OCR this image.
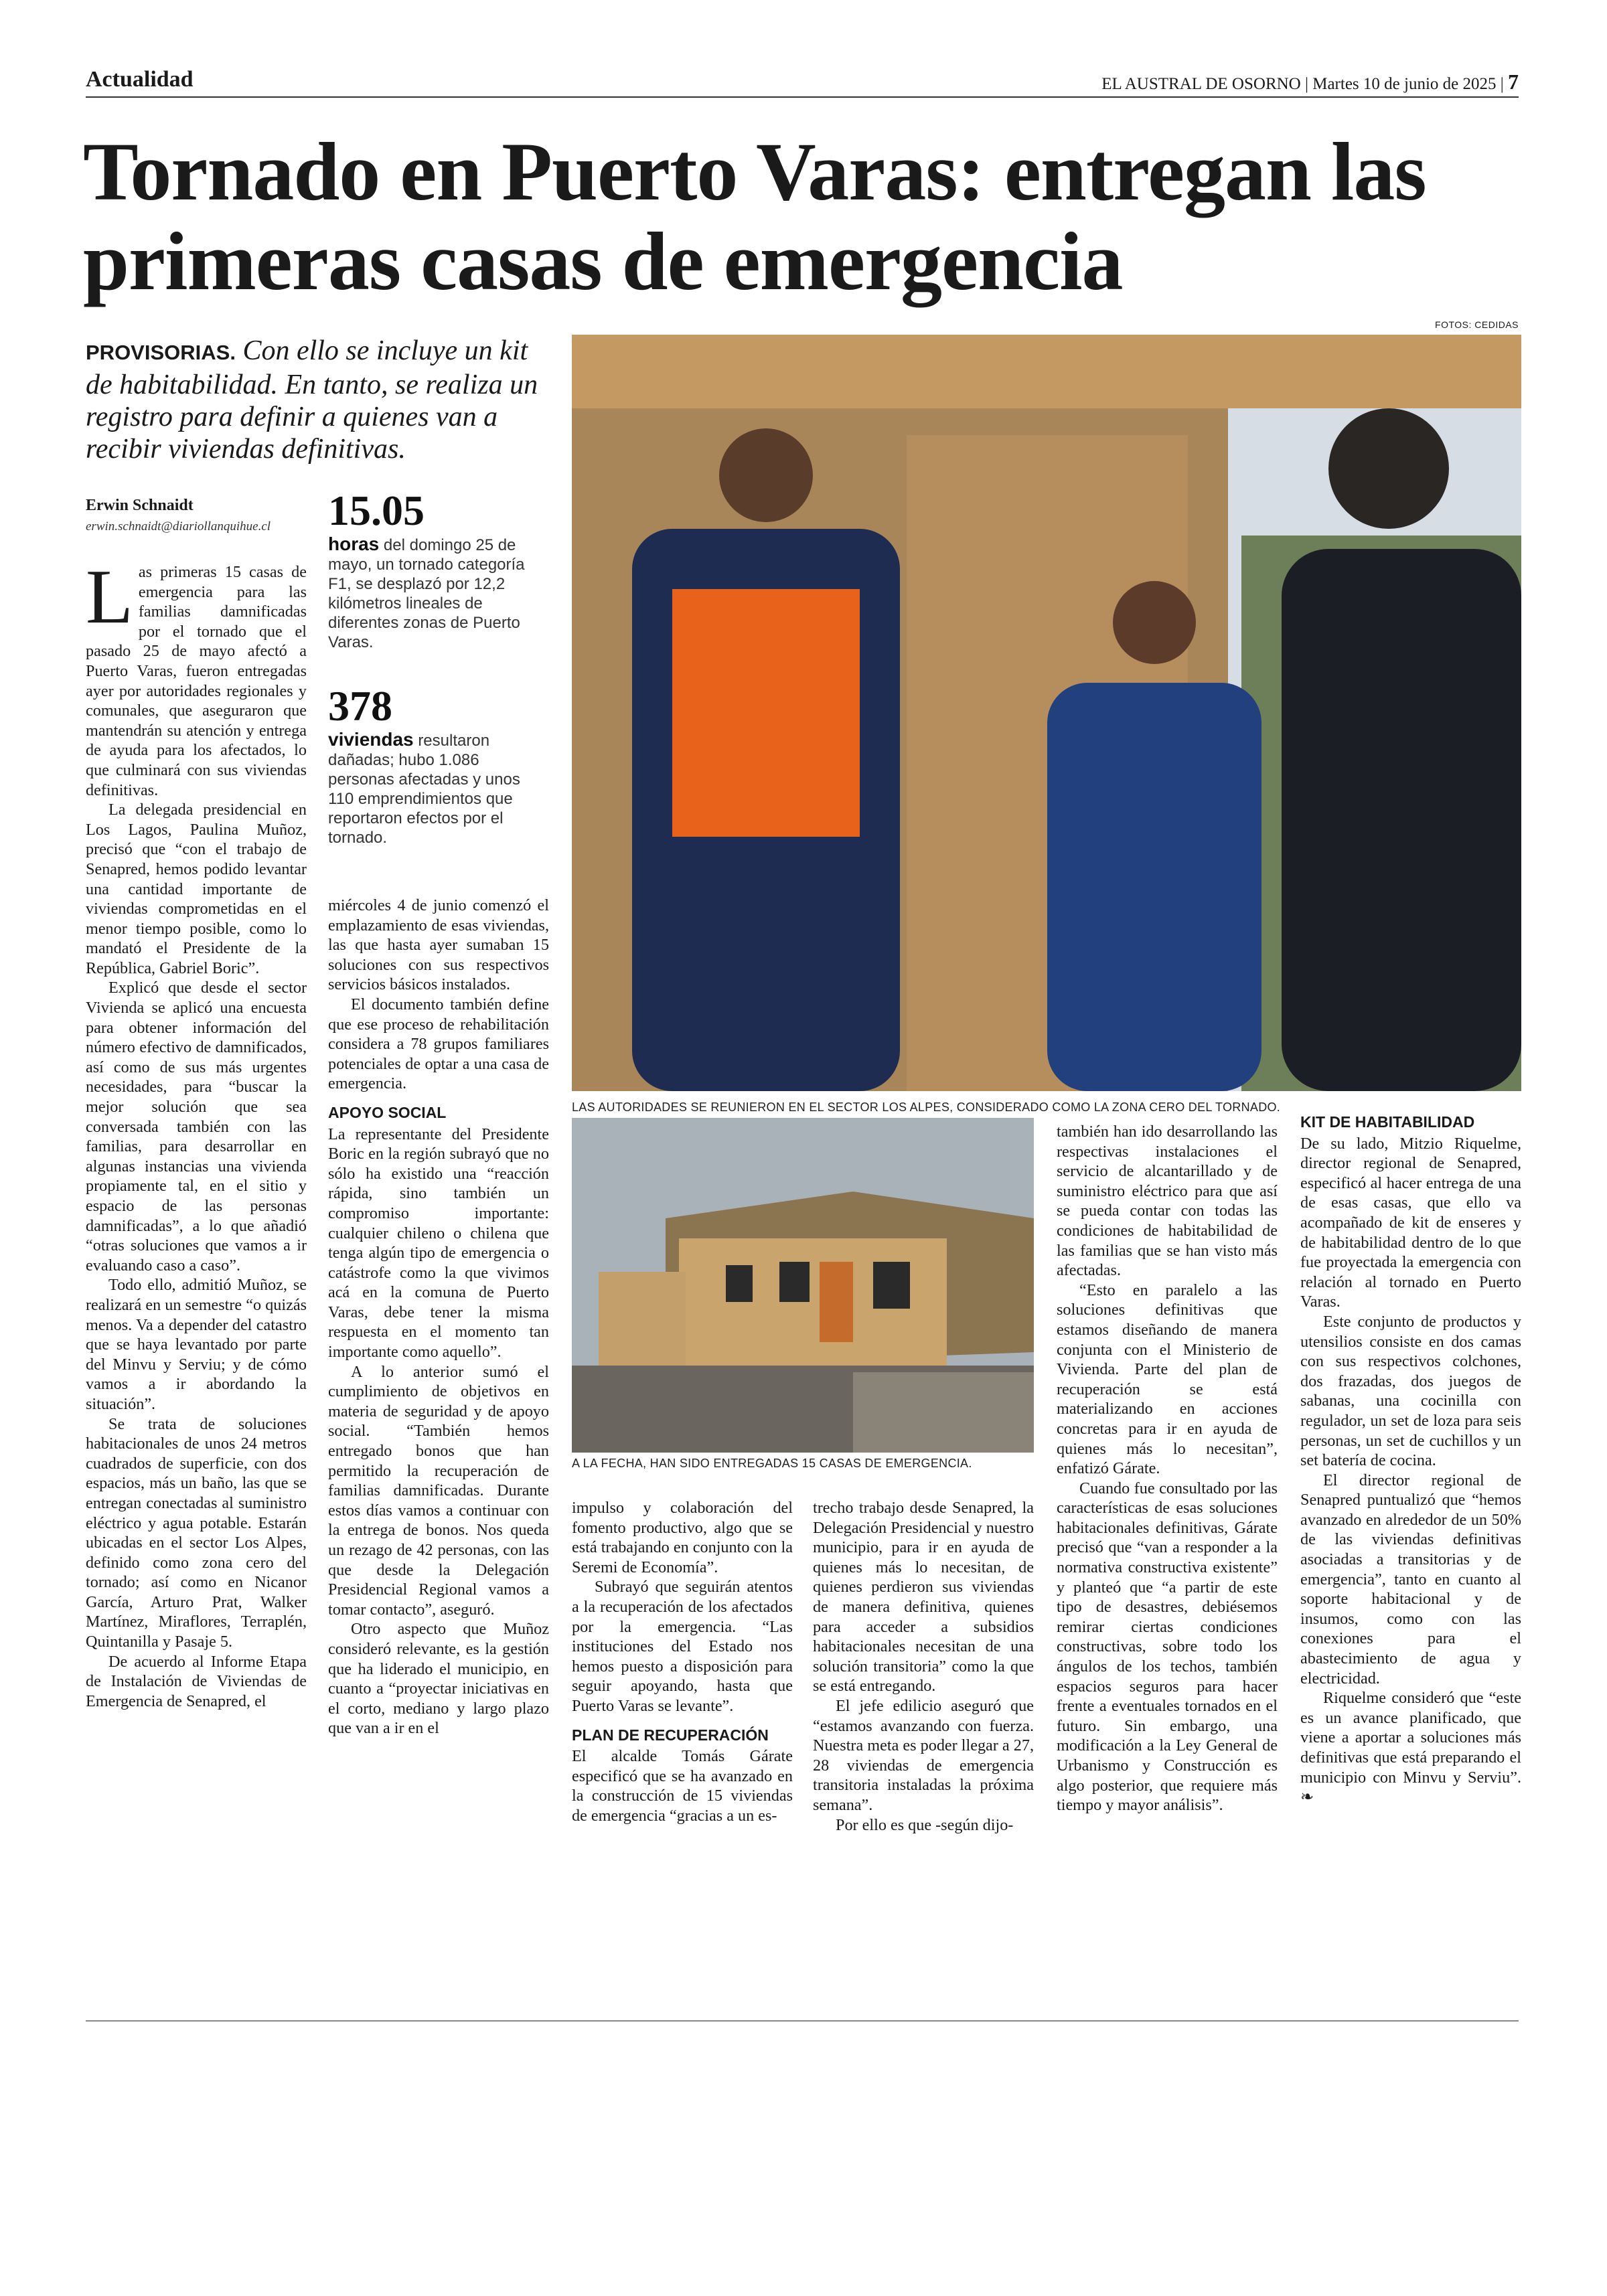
Actualidad	EL AUSTRAL DE OSORNO | Martes 10 de junio de 2025 | 7
Tornado en Puerto Varas: entregan las primeras casas de emergencia
FOTOS: CEDIDAS
PROVISORIAS. Con ello se incluye un kit de habitabilidad. En tanto, se realiza un registro para definir a quienes van a recibir viviendas definitivas.
Erwin Schnaidt
erwin.schnaidt@diariollanquihue.cl 15.05
horas del domingo 25 de mayo, un tornado categoría F1, se desplazó por 12,2 kilómetros lineales de diferentes zonas de Puerto Varas.
378
viviendas resultaron dañadas; hubo 1.086 personas afectadas y unos 110 emprendimientos que reportaron efectos por el tornado.
LAS AUTORIDADES SE REUNIERON EN EL SECTOR LOS ALPES, CONSIDERADO COMO LA ZONA CERO DEL TORNADO.
A LA FECHA, HAN SIDO ENTREGADAS 15 CASAS DE EMERGENCIA.

Las primeras 15 casas de emergencia para las familias damnificadas por el tornado que el pasado 25 de mayo afectó a Puerto Varas, fueron entregadas ayer por autoridades regionales y comunales, que aseguraron que mantendrán su atención y entrega de ayuda para los afectados, lo que culminará con sus viviendas definitivas.

La delegada presidencial en Los Lagos, Paulina Muñoz, precisó que “con el trabajo de Senapred, hemos podido levantar una cantidad importante de viviendas comprometidas en el menor tiempo posible, como lo mandató el Presidente de la República, Gabriel Boric”.

Explicó que desde el sector Vivienda se aplicó una encuesta para obtener información del número efectivo de damnificados, así como de sus más urgentes necesidades, para “buscar la mejor solución que sea conversada también con las familias, para desarrollar en algunas instancias una vivienda propiamente tal, en el sitio y espacio de las personas damnificadas”, a lo que añadió “otras soluciones que vamos a ir evaluando caso a caso”.

Todo ello, admitió Muñoz, se realizará en un semestre “o quizás menos. Va a depender del catastro que se haya levantado por parte del Minvu y Serviu; y de cómo vamos a ir abordando la situación”.

Se trata de soluciones habitacionales de unos 24 metros cuadrados de superficie, con dos espacios, más un baño, las que se entregan conectadas al suministro eléctrico y agua potable. Estarán ubicadas en el sector Los Alpes, definido como zona cero del tornado; así como en Nicanor García, Arturo Prat, Walker Martínez, Miraflores, Terraplén, Quintanilla y Pasaje 5.

De acuerdo al Informe Etapa de Instalación de Viviendas de Emergencia de Senapred, el

miércoles 4 de junio comenzó el emplazamiento de esas viviendas, las que hasta ayer sumaban 15 soluciones con sus respectivos servicios básicos instalados.

El documento también define que ese proceso de rehabilitación considera a 78 grupos familiares potenciales de optar a una casa de emergencia.

APOYO SOCIAL

La representante del Presidente Boric en la región subrayó que no sólo ha existido una “reacción rápida, sino también un compromiso importante: cualquier chileno o chilena que tenga algún tipo de emergencia o catástrofe como la que vivimos acá en la comuna de Puerto Varas, debe tener la misma respuesta en el momento tan importante como aquello”.

A lo anterior sumó el cumplimiento de objetivos en materia de seguridad y de apoyo social. “También hemos entregado bonos que han permitido la recuperación de familias damnificadas. Durante estos días vamos a continuar con la entrega de bonos. Nos queda un rezago de 42 personas, con las que desde la Delegación Presidencial Regional vamos a tomar contacto”, aseguró.

Otro aspecto que Muñoz consideró relevante, es la gestión que ha liderado el municipio, en cuanto a “proyectar iniciativas en el corto, mediano y largo plazo que van a ir en el

impulso y colaboración del fomento productivo, algo que se está trabajando en conjunto con la Seremi de Economía”.

Subrayó que seguirán atentos a la recuperación de los afectados por la emergencia. “Las instituciones del Estado nos hemos puesto a disposición para seguir apoyando, hasta que Puerto Varas se levante”.

PLAN DE RECUPERACIÓN

El alcalde Tomás Gárate especificó que se ha avanzado en la construcción de 15 viviendas de emergencia “gracias a un es-

trecho trabajo desde Senapred, la Delegación Presidencial y nuestro municipio, para ir en ayuda de quienes más lo necesitan, de quienes perdieron sus viviendas de manera definitiva, quienes para acceder a subsidios habitacionales necesitan de una solución transitoria” como la que se está entregando.

El jefe edilicio aseguró que “estamos avanzando con fuerza. Nuestra meta es poder llegar a 27, 28 viviendas de emergencia transitoria instaladas la próxima semana”.

Por ello es que -según dijo-

también han ido desarrollando las respectivas instalaciones el servicio de alcantarillado y de suministro eléctrico para que así se pueda contar con todas las condiciones de habitabilidad de las familias que se han visto más afectadas.

“Esto en paralelo a las soluciones definitivas que estamos diseñando de manera conjunta con el Ministerio de Vivienda. Parte del plan de recuperación se está materializando en acciones concretas para ir en ayuda de quienes más lo necesitan”, enfatizó Gárate.

Cuando fue consultado por las características de esas soluciones habitacionales definitivas, Gárate precisó que “van a responder a la normativa constructiva existente” y planteó que “a partir de este tipo de desastres, debiésemos remirar ciertas condiciones constructivas, sobre todo los ángulos de los techos, también espacios seguros para hacer frente a eventuales tornados en el futuro. Sin embargo, una modificación a la Ley General de Urbanismo y Construcción es algo posterior, que requiere más tiempo y mayor análisis”.

KIT DE HABITABILIDAD

De su lado, Mitzio Riquelme, director regional de Senapred, especificó al hacer entrega de una de esas casas, que ello va acompañado de kit de enseres y de habitabilidad dentro de lo que fue proyectada la emergencia con relación al tornado en Puerto Varas.

Este conjunto de productos y utensilios consiste en dos camas con sus respectivos colchones, dos frazadas, dos juegos de sabanas, una cocinilla con regulador, un set de loza para seis personas, un set de cuchillos y un set batería de cocina.

El director regional de Senapred puntualizó que “hemos avanzado en alrededor de un 50% de las viviendas definitivas asociadas a transitorias y de emergencia”, tanto en cuanto al soporte habitacional y de insumos, como con las conexiones para el abastecimiento de agua y electricidad.

Riquelme consideró que “este es un avance planificado, que viene a aportar a soluciones más definitivas que está preparando el municipio con Minvu y Serviu”. ❧
